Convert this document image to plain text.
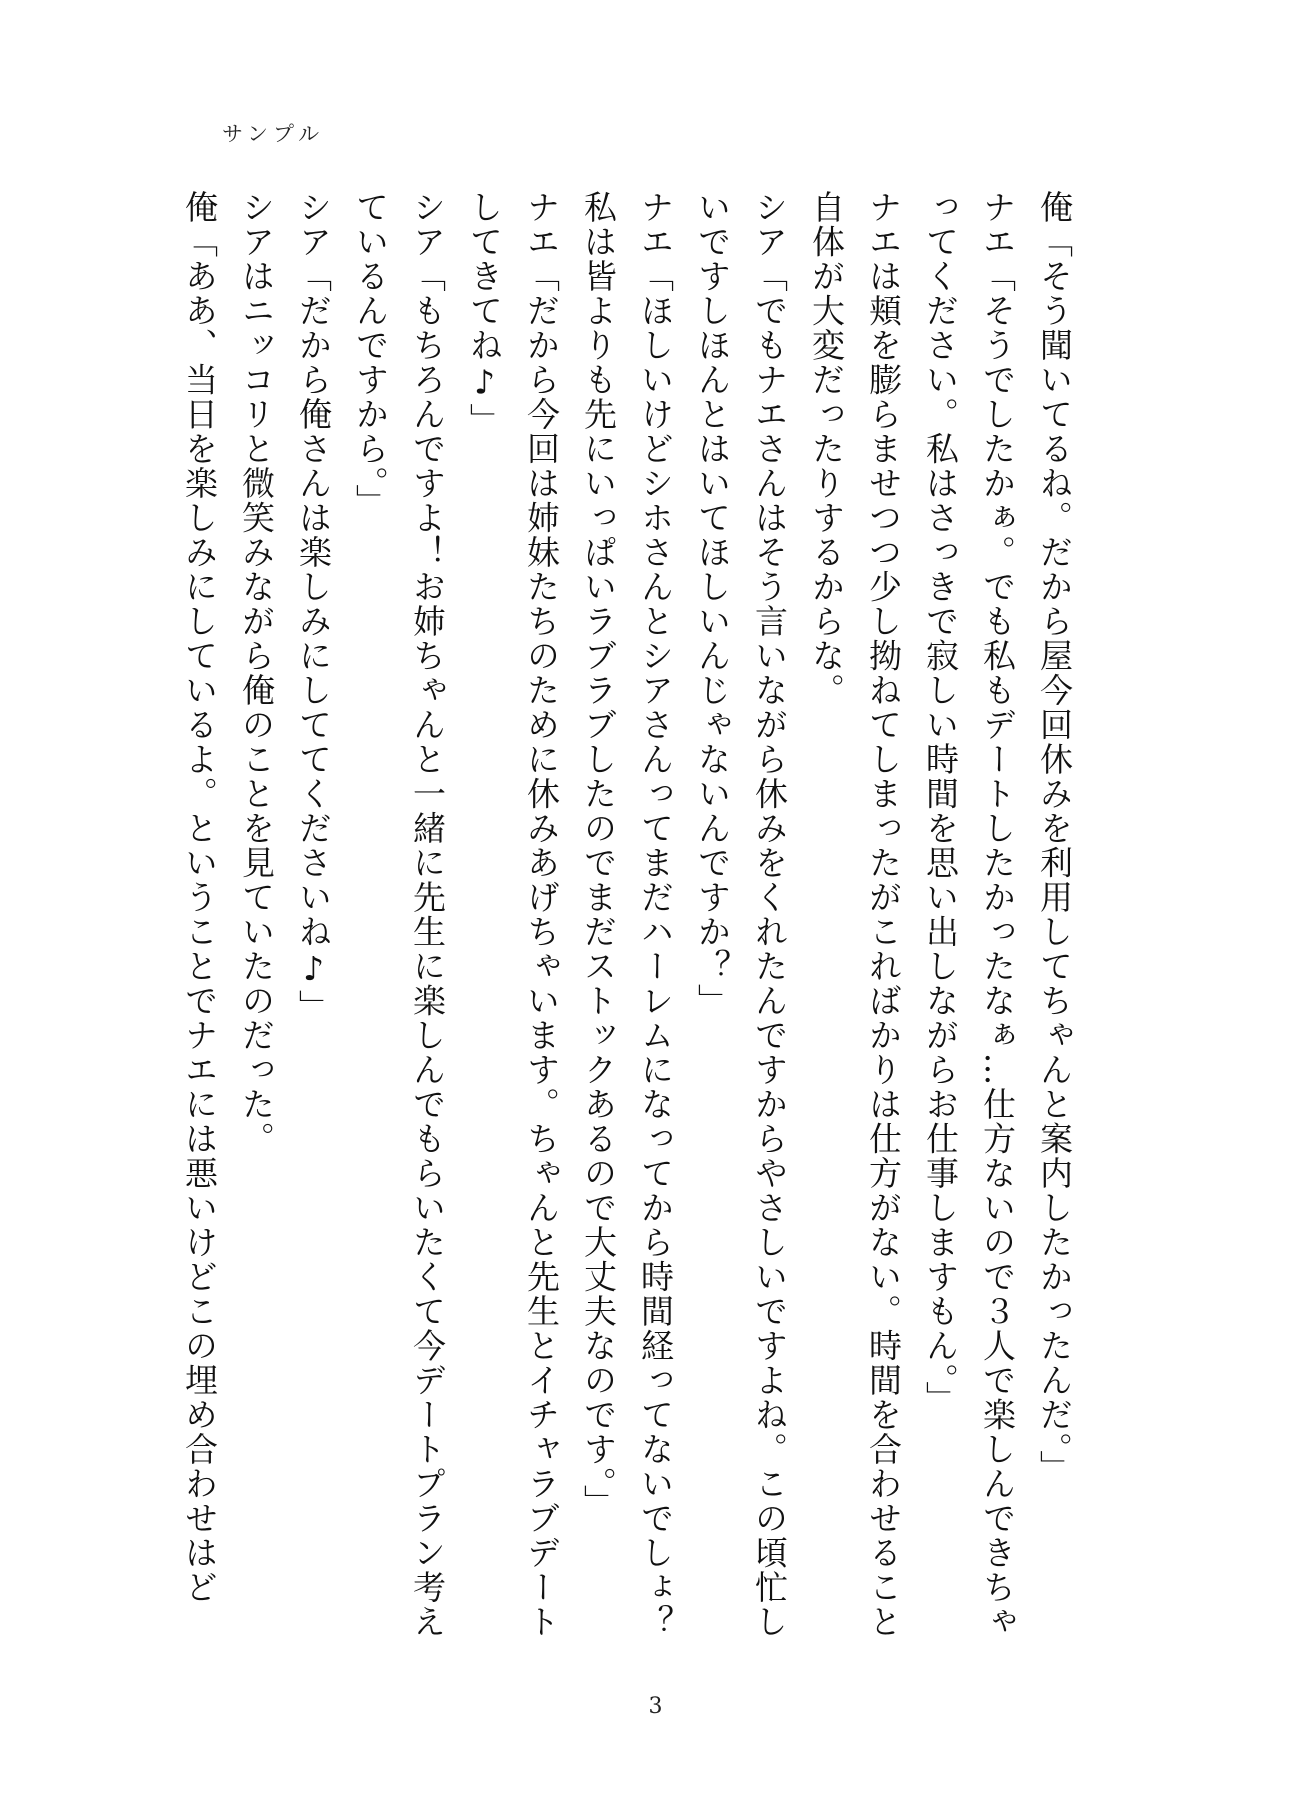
サンプル

俺「そう聞いてるね。だから屋今回休みを利用してちゃんと案内したかったんだ。」

ナエ「そうでしたかぁ。でも私もデートしたかったなぁ…仕方ないので３人で楽しんできちゃってください。私はさっきで寂しい時間を思い出しながらお仕事しますもん。」

ナエは頬を膨らませつつ少し拗ねてしまったがこればかりは仕方がない。時間を合わせること自体が大変だったりするからな。

シア「でもナエさんはそう言いながら休みをくれたんですからやさしいですよね。この頃忙しいですしほんとはいてほしいんじゃないんですか？」

ナエ「ほしいけどシホさんとシアさんってまだハーレムになってから時間経ってないでしょ？私は皆よりも先にいっぱいラブラブしたのでまだストックあるので大丈夫なのです。」

ナエ「だから今回は姉妹たちのために休みあげちゃいます。ちゃんと先生とイチャラブデートしてきてね♪」

シア「もちろんですよ！お姉ちゃんと一緒に先生に楽しんでもらいたくて今デートプラン考えているんですから。」

シア「だから俺さんは楽しみにしててくださいね♪」

シアはニッコリと微笑みながら俺のことを見ていたのだった。

俺「ああ、当日を楽しみにしているよ。ということでナエには悪いけどこの埋め合わせはど

3
